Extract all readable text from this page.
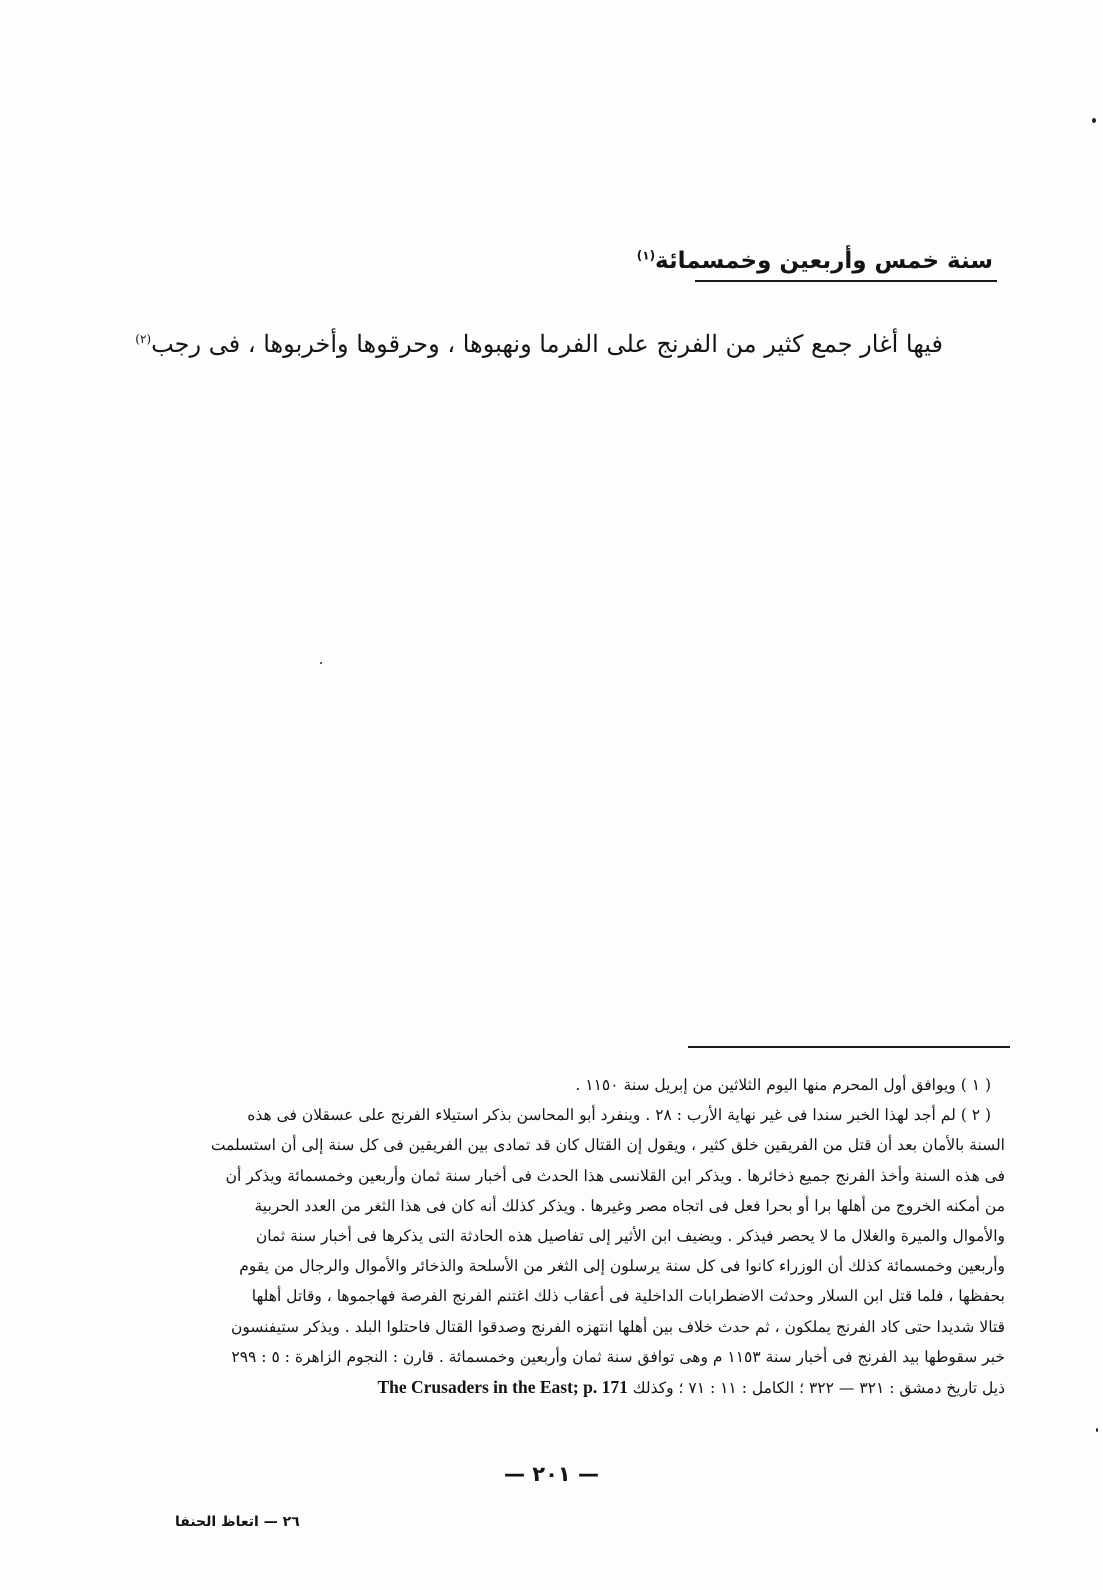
سنة خمس وأربعين وخمسمائة$^{(١)}$
فيها أغار جمع كثير من الفرنج على الفرما ونهبوها ، وحرقوها وأخربوها ، فى رجب$^{(٢)}$

( ١ ) ويوافق أول المحرم منها اليوم الثلاثين من إبريل سنة ١١٥٠ .

( ٢ ) لم أجد لهذا الخبر سندا فى غير نهاية الأرب : ٢٨ . وينفرد أبو المحاسن بذكر استيلاء الفرنج على عسقلان فى هذه
السنة بالأمان بعد أن قتل من الفريقين خلق كثير ، ويقول إن القتال كان قد تمادى بين الفريقين فى كل سنة إلى أن استسلمت
فى هذه السنة وأخذ الفرنج جميع ذخائرها . ويذكر ابن القلانسى هذا الحدث فى أخبار سنة ثمان وأربعين وخمسمائة ويذكر أن
من أمكنه الخروج من أهلها برا أو بحرا فعل فى اتجاه مصر وغيرها . ويذكر كذلك أنه كان فى هذا الثغر من العدد الحربية
والأموال والميرة والغلال ما لا يحصر فيذكر . ويضيف ابن الأثير إلى تفاصيل هذه الحادثة التى يذكرها فى أخبار سنة ثمان
وأربعين وخمسمائة كذلك أن الوزراء كانوا فى كل سنة يرسلون إلى الثغر من الأسلحة والذخائر والأموال والرجال من يقوم
بحفظها ، فلما قتل ابن السلار وحدثت الاضطرابات الداخلية فى أعقاب ذلك اغتنم الفرنج الفرصة فهاجموها ، وقاتل أهلها
قتالا شديدا حتى كاد الفرنج يملكون ، ثم حدث خلاف بين أهلها انتهزه الفرنج وصدقوا القتال فاحتلوا البلد . ويذكر ستيفنسون
خبر سقوطها بيد الفرنج فى أخبار سنة ١١٥٣ م وهى توافق سنة ثمان وأربعين وخمسمائة . قارن : النجوم الزاهرة : ٥ : ٢٩٩
ذيل تاريخ دمشق : ٣٢١ — ٣٢٢ ؛ الكامل : ١١ : ٧١ ؛ وكذلك The Crusaders in the East; p. 171

— ٢٠١ —
٢٦ — اتعاظ الحنفا
